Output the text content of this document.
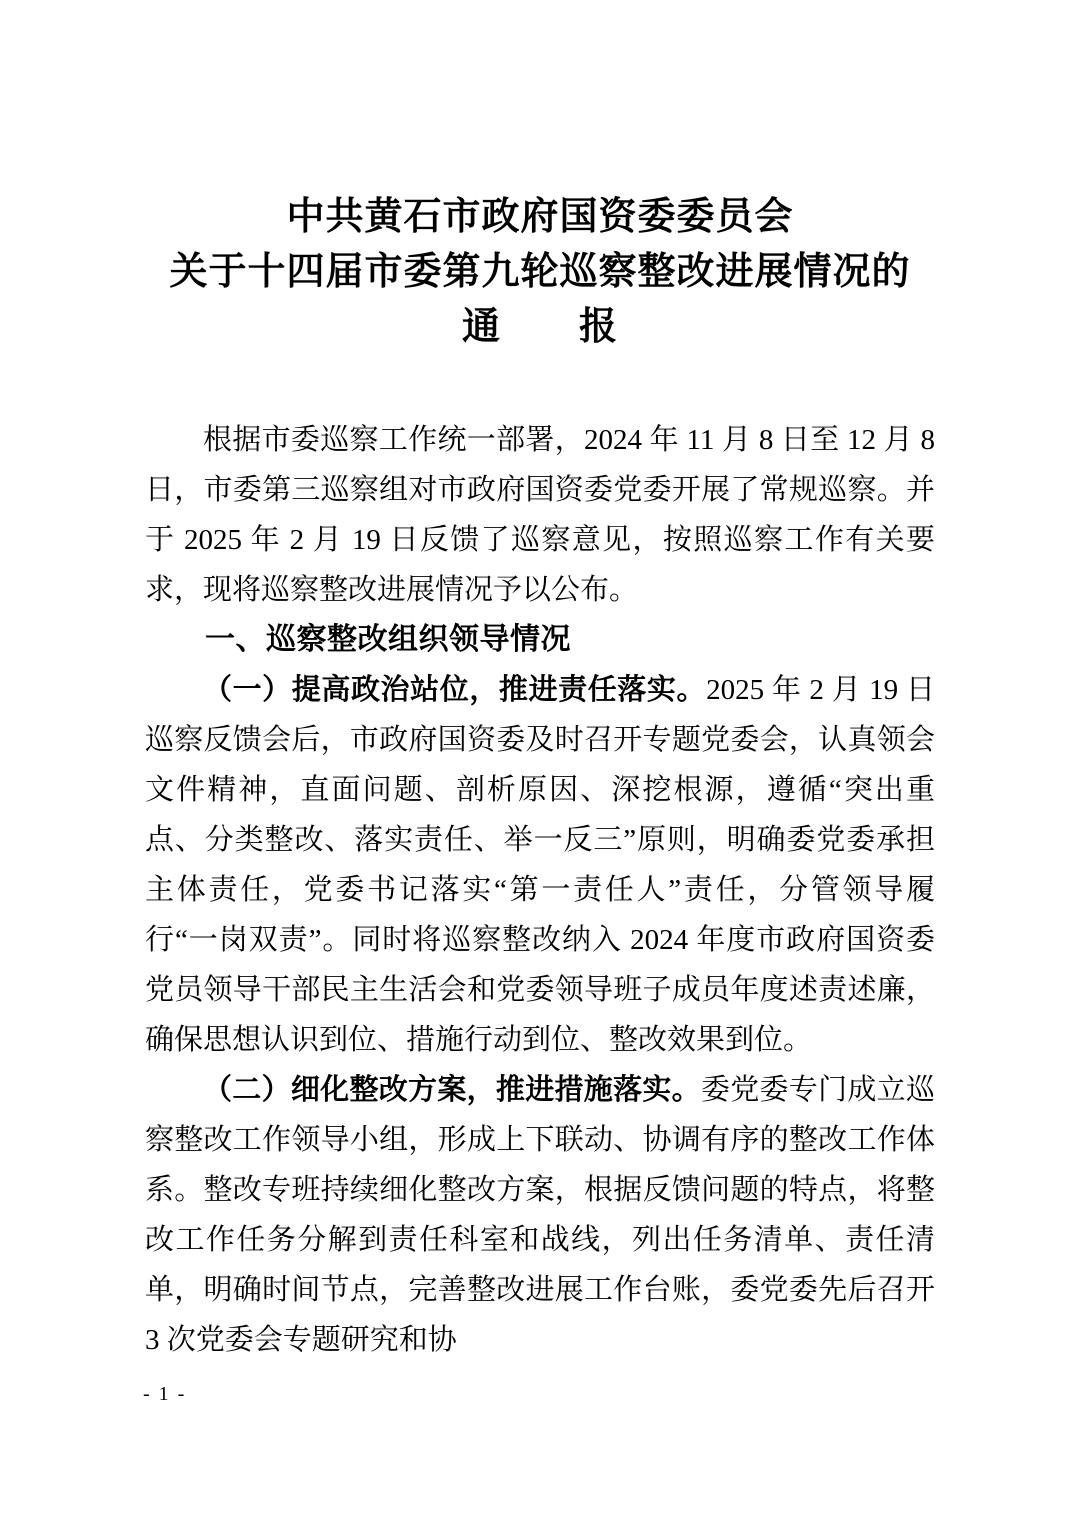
中共黄石市政府国资委委员会
关于十四届市委第九轮巡察整改进展情况的
通　　报

根据市委巡察工作统一部署，2024 年 11 月 8 日至 12 月 8 日，市委第三巡察组对市政府国资委党委开展了常规巡察。并于 2025 年 2 月 19 日反馈了巡察意见，按照巡察工作有关要求，现将巡察整改进展情况予以公布。

一、巡察整改组织领导情况

（一）提高政治站位，推进责任落实。2025 年 2 月 19 日巡察反馈会后，市政府国资委及时召开专题党委会，认真领会文件精神，直面问题、剖析原因、深挖根源，遵循“突出重点、分类整改、落实责任、举一反三”原则，明确委党委承担主体责任，党委书记落实“第一责任人”责任，分管领导履行“一岗双责”。同时将巡察整改纳入 2024 年度市政府国资委党员领导干部民主生活会和党委领导班子成员年度述责述廉，确保思想认识到位、措施行动到位、整改效果到位。

（二）细化整改方案，推进措施落实。委党委专门成立巡察整改工作领导小组，形成上下联动、协调有序的整改工作体系。整改专班持续细化整改方案，根据反馈问题的特点，将整改工作任务分解到责任科室和战线，列出任务清单、责任清单，明确时间节点，完善整改进展工作台账，委党委先后召开 3 次党委会专题研究和协

- 1 -
